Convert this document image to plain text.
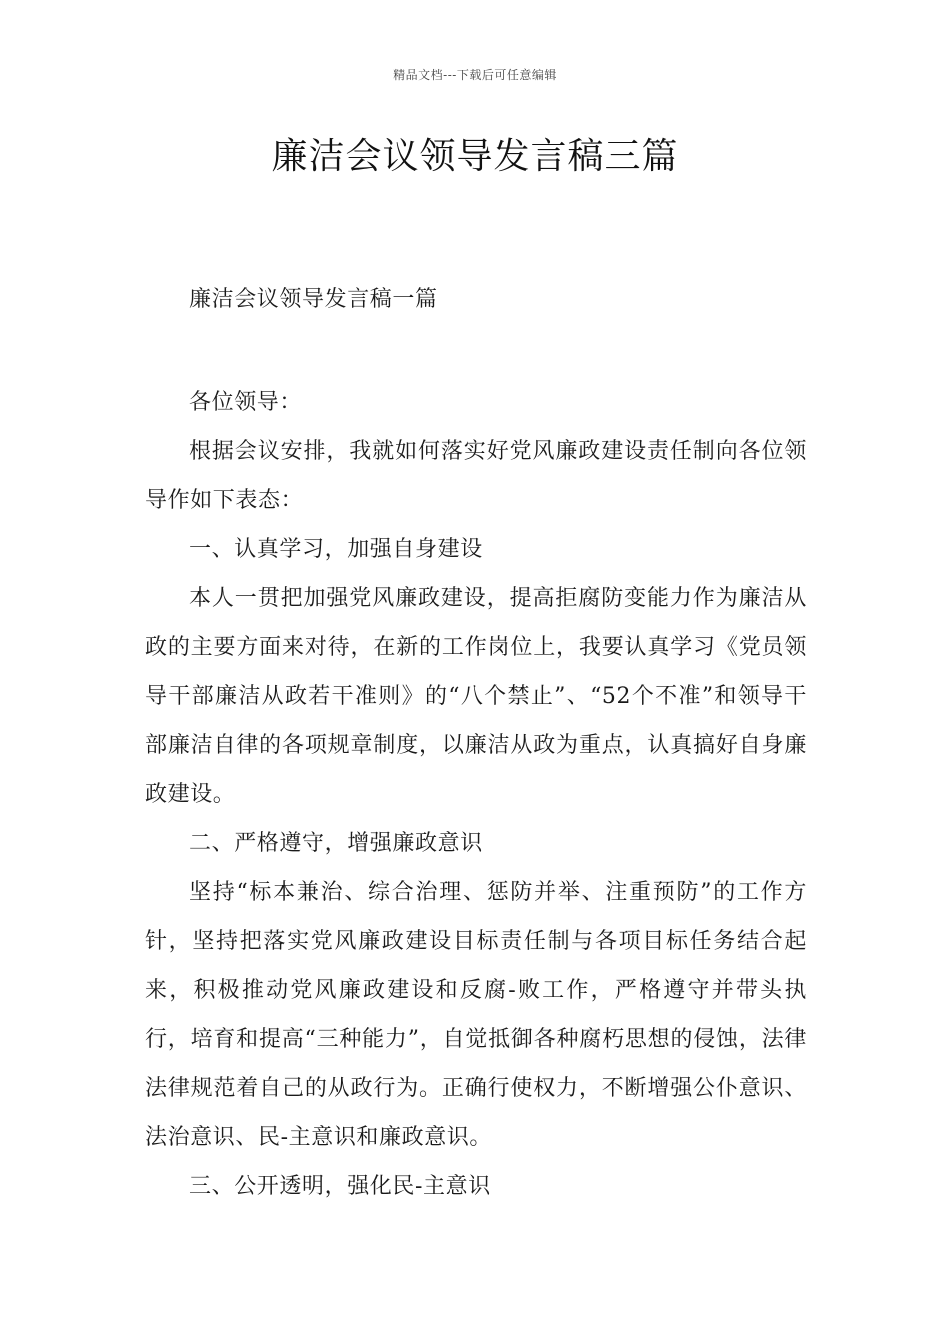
精品文档---下载后可任意编辑
廉洁会议领导发言稿三篇

廉洁会议领导发言稿一篇

各位领导：

根据会议安排，我就如何落实好党风廉政建设责任制向各位领导作如下表态：

一、认真学习，加强自身建设

本人一贯把加强党风廉政建设，提高拒腐防变能力作为廉洁从政的主要方面来对待，在新的工作岗位上，我要认真学习《党员领导干部廉洁从政若干准则》的“八个禁止”、“52个不准”和领导干部廉洁自律的各项规章制度，以廉洁从政为重点，认真搞好自身廉政建设。

二、严格遵守，增强廉政意识

坚持“标本兼治、综合治理、惩防并举、注重预防”的工作方针，坚持把落实党风廉政建设目标责任制与各项目标任务结合起来，积极推动党风廉政建设和反腐-败工作，严格遵守并带头执行，培育和提高“三种能力”，自觉抵御各种腐朽思想的侵蚀，法律法律规范着自己的从政行为。正确行使权力，不断增强公仆意识、法治意识、民-主意识和廉政意识。

三、公开透明，强化民-主意识
